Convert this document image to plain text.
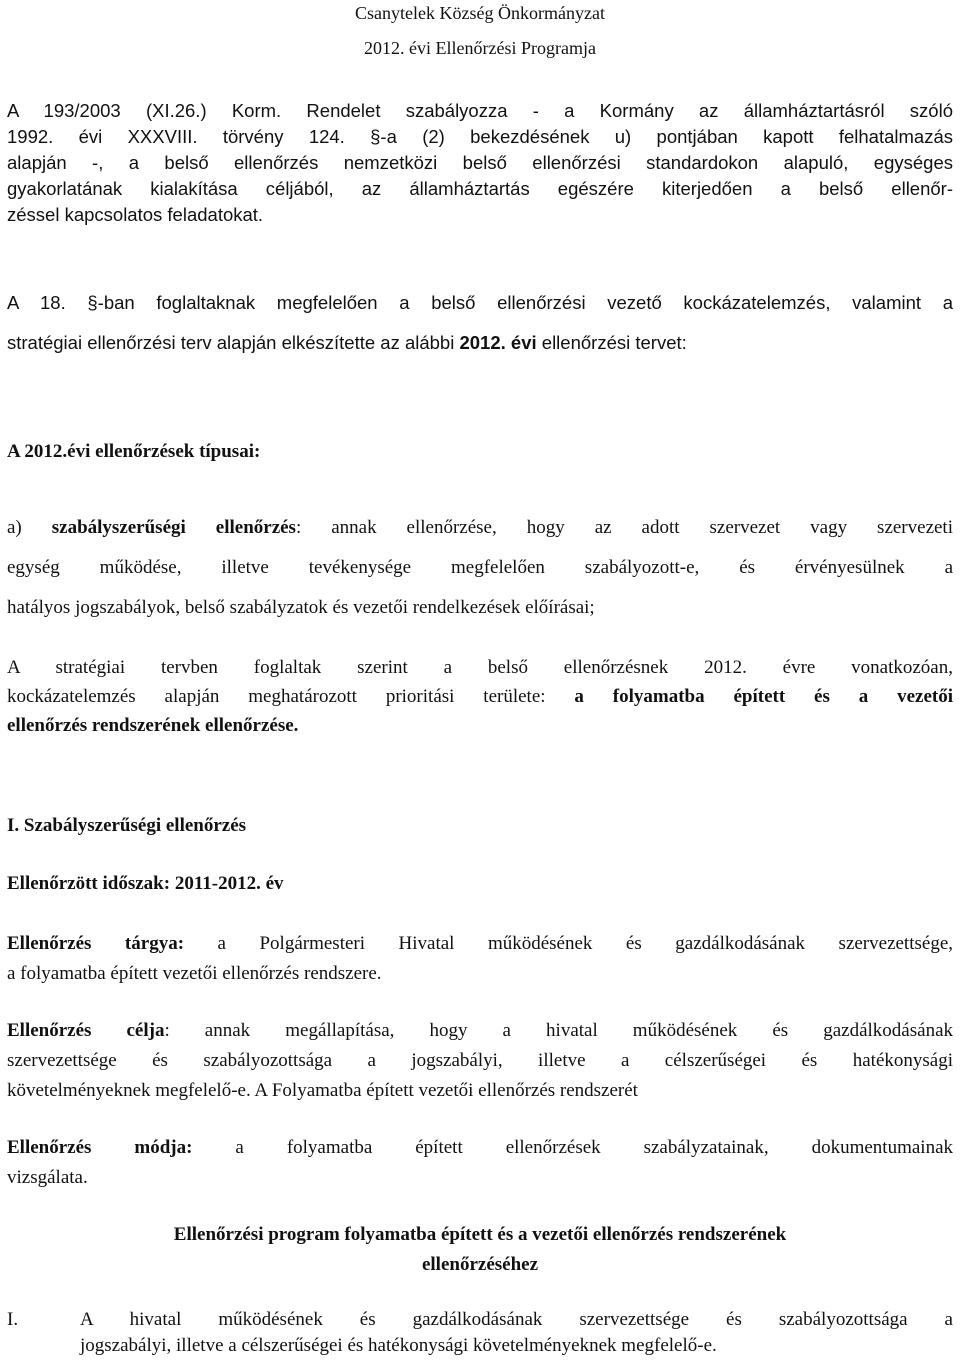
Csanytelek Község Önkormányzat
2012. évi Ellenőrzési Programja
A 193/2003 (XI.26.) Korm. Rendelet szabályozza - a Kormány az államháztartásról szóló
1992. évi XXXVIII. törvény 124. §-a (2) bekezdésének u) pontjában kapott felhatalmazás
alapján -, a belső ellenőrzés nemzetközi belső ellenőrzési standardokon alapuló, egységes
gyakorlatának kialakítása céljából, az államháztartás egészére kiterjedően a belső ellenőr-
zéssel kapcsolatos feladatokat.
A 18. §-ban foglaltaknak megfelelően a belső ellenőrzési vezető kockázatelemzés, valamint a
stratégiai ellenőrzési terv alapján elkészítette az alábbi 2012. évi ellenőrzési tervet:
A 2012.évi ellenőrzések típusai:
a) szabályszerűségi ellenőrzés: annak ellenőrzése, hogy az adott szervezet vagy szervezeti
egység működése, illetve tevékenysége megfelelően szabályozott-e, és érvényesülnek a
hatályos jogszabályok, belső szabályzatok és vezetői rendelkezések előírásai;
A stratégiai tervben foglaltak szerint a belső ellenőrzésnek 2012. évre vonatkozóan,
kockázatelemzés alapján meghatározott prioritási területe: a folyamatba épített és a vezetői
ellenőrzés rendszerének ellenőrzése.
I. Szabályszerűségi ellenőrzés
Ellenőrzött időszak: 2011-2012. év
Ellenőrzés tárgya: a Polgármesteri Hivatal működésének és gazdálkodásának szervezettsége,
a folyamatba épített vezetői ellenőrzés rendszere.
Ellenőrzés célja: annak megállapítása, hogy a hivatal működésének és gazdálkodásának
szervezettsége és szabályozottsága a jogszabályi, illetve a célszerűségei és hatékonysági
követelményeknek megfelelő-e. A Folyamatba épített vezetői ellenőrzés rendszerét
Ellenőrzés módja: a folyamatba épített ellenőrzések szabályzatainak, dokumentumainak
vizsgálata.
Ellenőrzési program folyamatba épített és a vezetői ellenőrzés rendszerének
ellenőrzéséhez
I.	A hivatal működésének és gazdálkodásának szervezettsége és szabályozottsága a
jogszabályi, illetve a célszerűségei és hatékonysági követelményeknek megfelelő-e.
